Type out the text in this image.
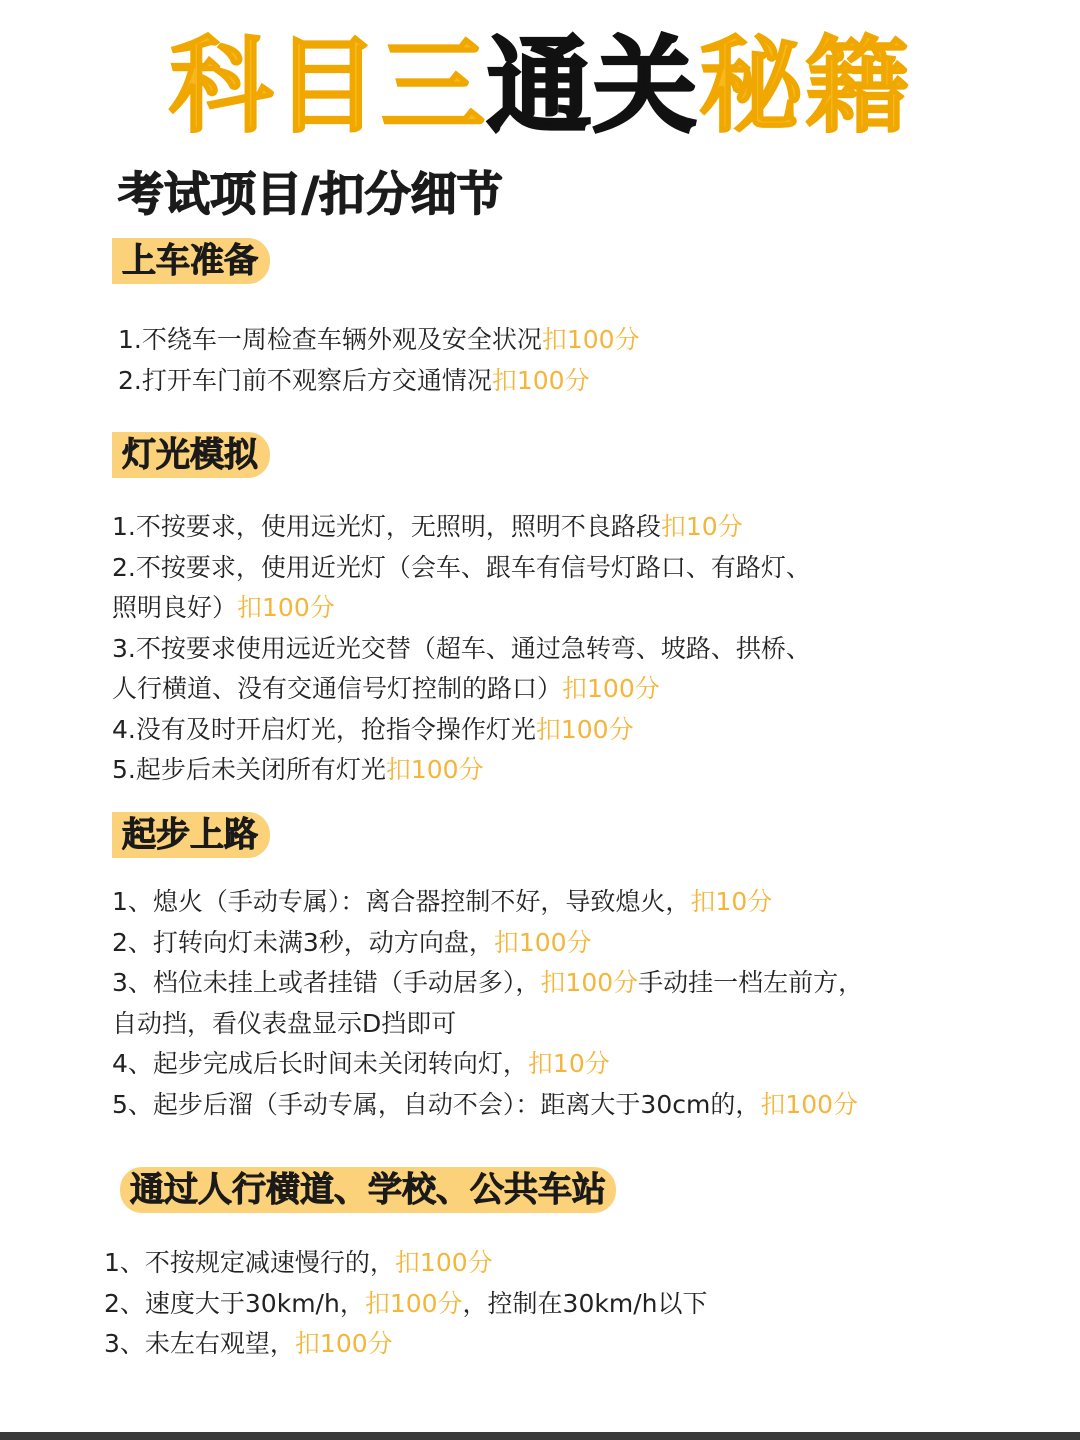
科目三通关秘籍
考试项目/扣分细节
上车准备
灯光模拟
起步上路
通过人行横道、学校、公共车站
1.不绕车一周检查车辆外观及安全状况扣100分
2.打开车门前不观察后方交通情况扣100分
1.不按要求，使用远光灯，无照明，照明不良路段扣10分
2.不按要求，使用近光灯（会车、跟车有信号灯路口、有路灯、
照明良好）扣100分
3.不按要求使用远近光交替（超车、通过急转弯、坡路、拱桥、
人行横道、没有交通信号灯控制的路口）扣100分
4.没有及时开启灯光，抢指令操作灯光扣100分
5.起步后未关闭所有灯光扣100分
1、熄火（手动专属）：离合器控制不好，导致熄火，扣10分
2、打转向灯未满3秒，动方向盘，扣100分
3、档位未挂上或者挂错（手动居多），扣100分手动挂一档左前方，
自动挡，看仪表盘显示D挡即可
4、起步完成后长时间未关闭转向灯，扣10分
5、起步后溜（手动专属，自动不会）：距离大于30cm的，扣100分
1、不按规定减速慢行的，扣100分
2、速度大于30km/h，扣100分，控制在30km/h以下
3、未左右观望，扣100分
